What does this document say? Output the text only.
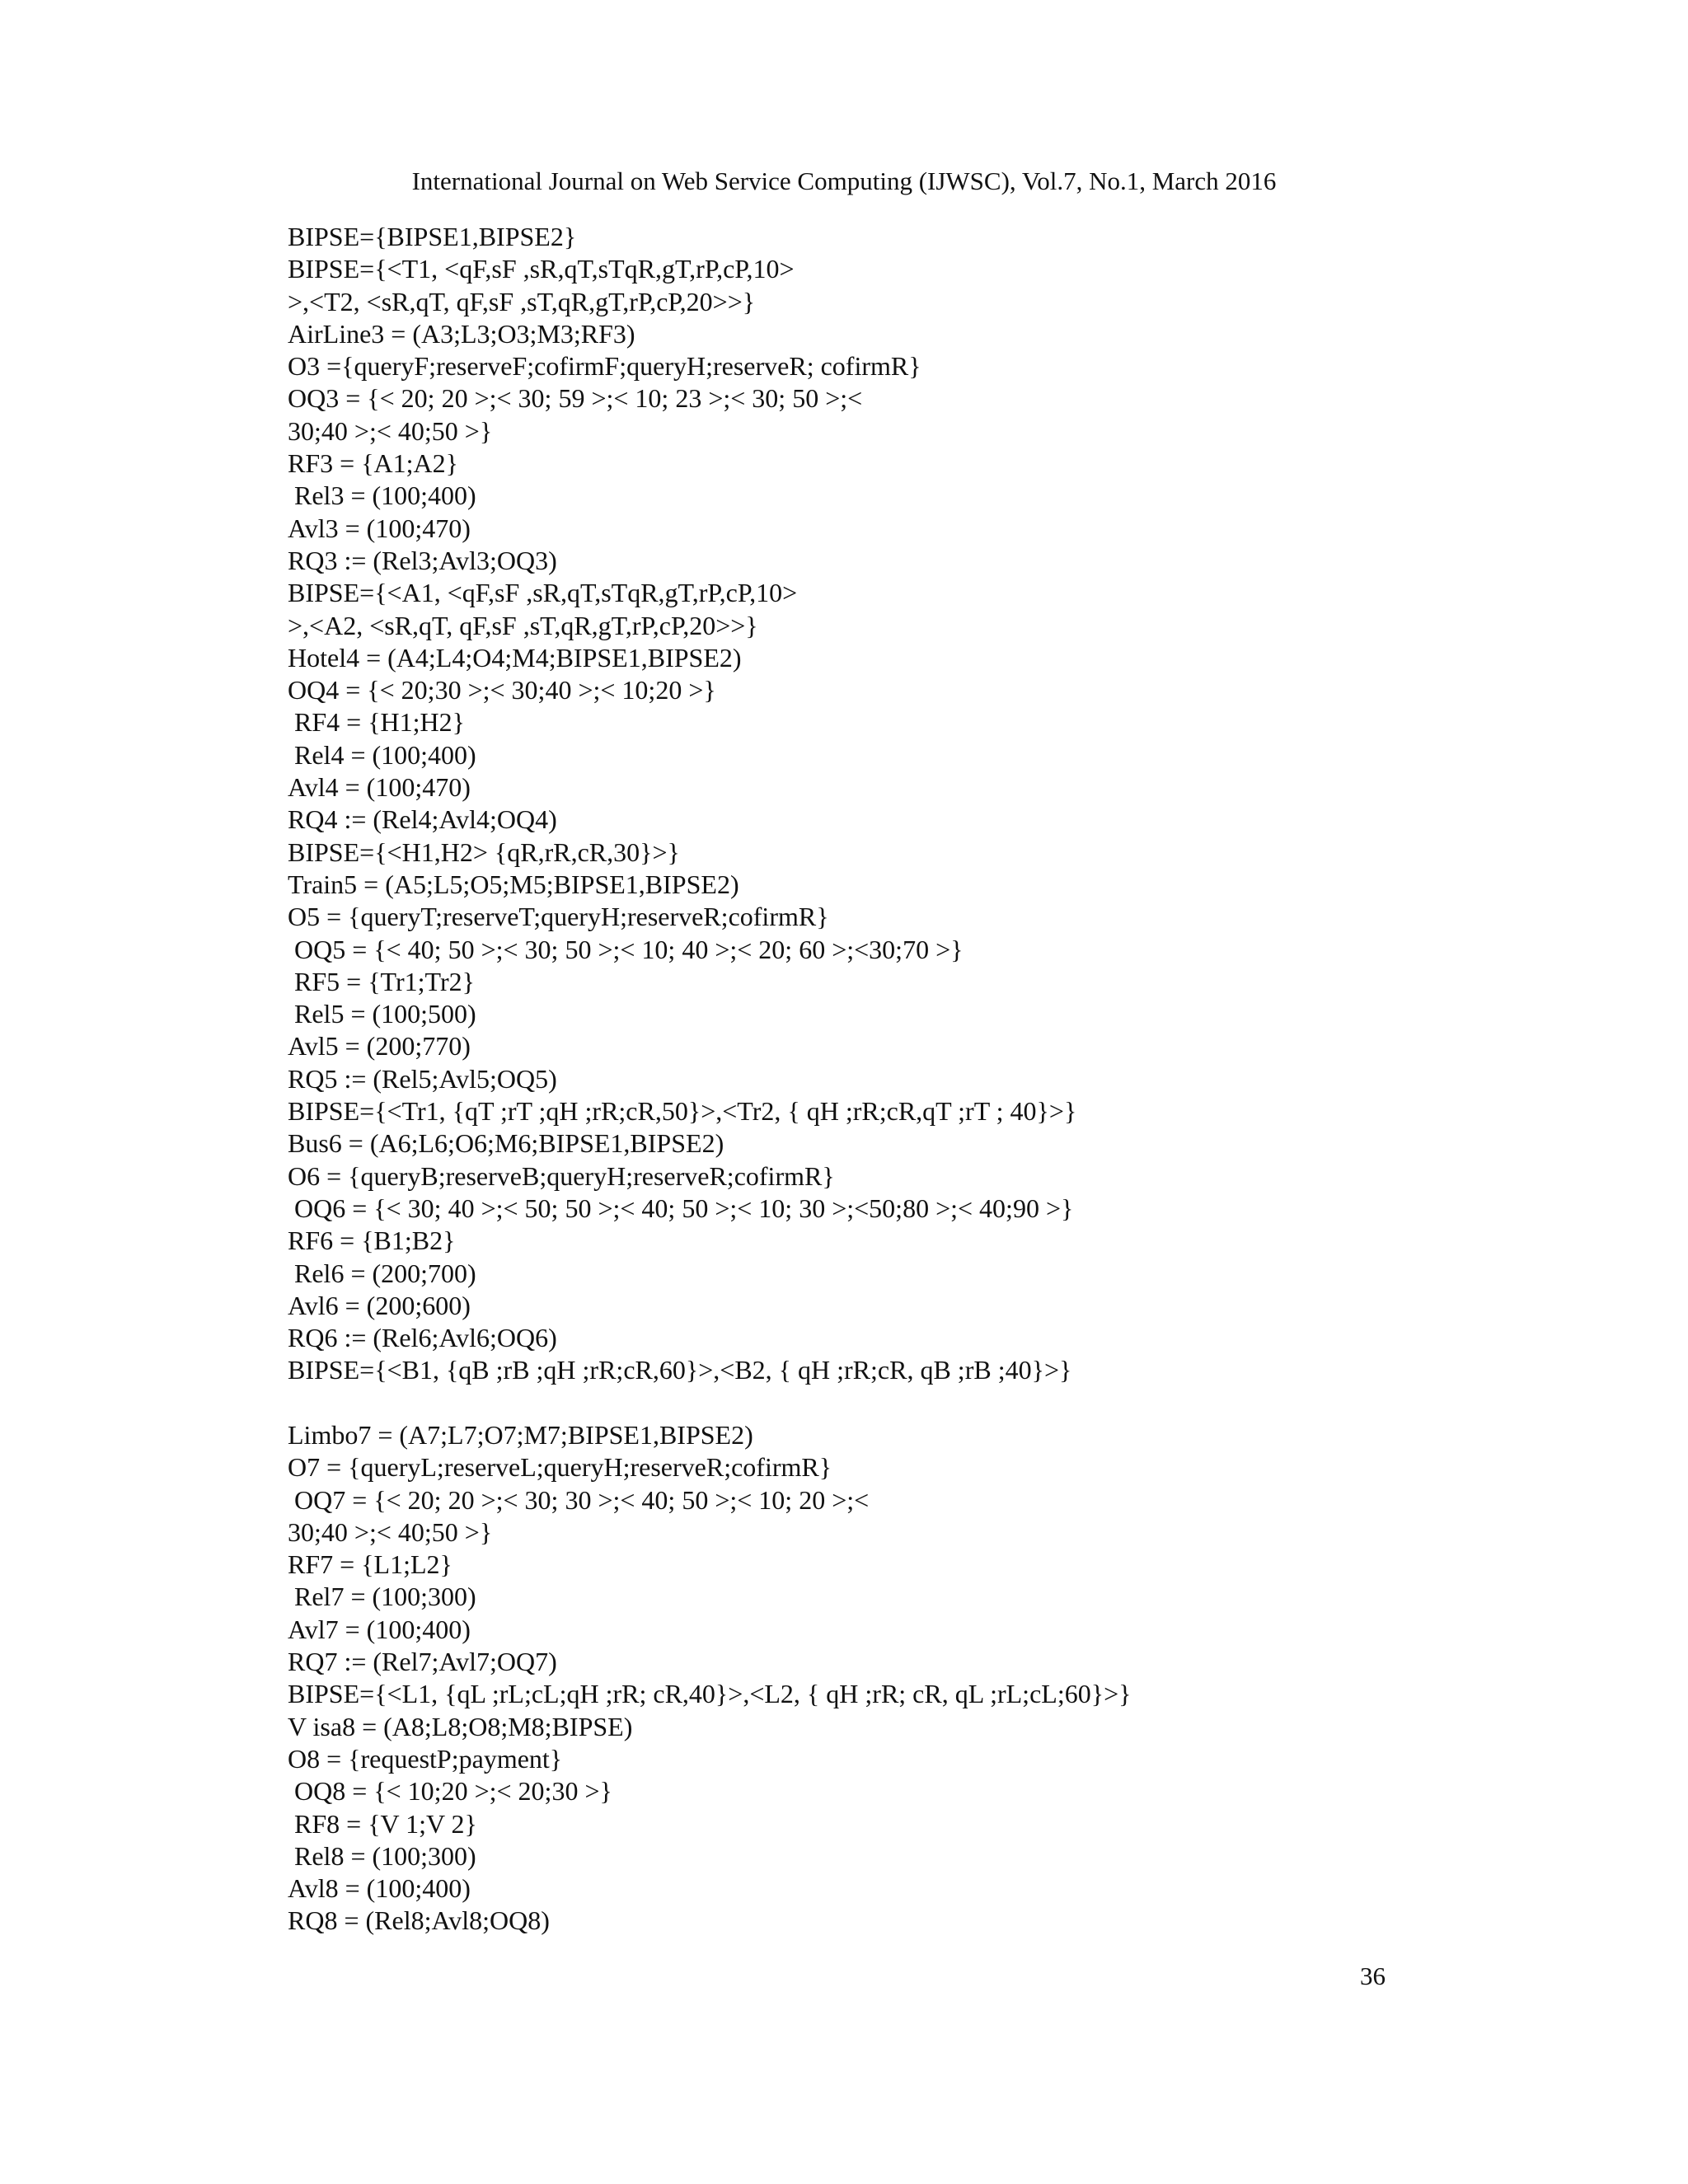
International Journal on Web Service Computing (IJWSC), Vol.7, No.1, March 2016
BIPSE={BIPSE1,BIPSE2}
BIPSE={<T1, <qF,sF ,sR,qT,sTqR,gT,rP,cP,10>
>,<T2, <sR,qT, qF,sF ,sT,qR,gT,rP,cP,20>>}
AirLine3 = (A3;L3;O3;M3;RF3)
O3 ={queryF;reserveF;cofirmF;queryH;reserveR; cofirmR}
OQ3 = {< 20; 20 >;< 30; 59 >;< 10; 23 >;< 30; 50 >;<
30;40 >;< 40;50 >}
RF3 = {A1;A2}
Rel3 = (100;400)
Avl3 = (100;470)
RQ3 := (Rel3;Avl3;OQ3)
BIPSE={<A1, <qF,sF ,sR,qT,sTqR,gT,rP,cP,10>
>,<A2, <sR,qT, qF,sF ,sT,qR,gT,rP,cP,20>>}
Hotel4 = (A4;L4;O4;M4;BIPSE1,BIPSE2)
OQ4 = {< 20;30 >;< 30;40 >;< 10;20 >}
RF4 = {H1;H2}
Rel4 = (100;400)
Avl4 = (100;470)
RQ4 := (Rel4;Avl4;OQ4)
BIPSE={<H1,H2> {qR,rR,cR,30}>}
Train5 = (A5;L5;O5;M5;BIPSE1,BIPSE2)
O5 = {queryT;reserveT;queryH;reserveR;cofirmR}
OQ5 = {< 40; 50 >;< 30; 50 >;< 10; 40 >;< 20; 60 >;<30;70 >}
RF5 = {Tr1;Tr2}
Rel5 = (100;500)
Avl5 = (200;770)
RQ5 := (Rel5;Avl5;OQ5)
BIPSE={<Tr1, {qT ;rT ;qH ;rR;cR,50}>,<Tr2, { qH ;rR;cR,qT ;rT ; 40}>}
Bus6 = (A6;L6;O6;M6;BIPSE1,BIPSE2)
O6 = {queryB;reserveB;queryH;reserveR;cofirmR}
OQ6 = {< 30; 40 >;< 50; 50 >;< 40; 50 >;< 10; 30 >;<50;80 >;< 40;90 >}
RF6 = {B1;B2}
Rel6 = (200;700)
Avl6 = (200;600)
RQ6 := (Rel6;Avl6;OQ6)
BIPSE={<B1, {qB ;rB ;qH ;rR;cR,60}>,<B2, { qH ;rR;cR, qB ;rB ;40}>}
Limbo7 = (A7;L7;O7;M7;BIPSE1,BIPSE2)
O7 = {queryL;reserveL;queryH;reserveR;cofirmR}
OQ7 = {< 20; 20 >;< 30; 30 >;< 40; 50 >;< 10; 20 >;<
30;40 >;< 40;50 >}
RF7 = {L1;L2}
Rel7 = (100;300)
Avl7 = (100;400)
RQ7 := (Rel7;Avl7;OQ7)
BIPSE={<L1, {qL ;rL;cL;qH ;rR; cR,40}>,<L2, { qH ;rR; cR, qL ;rL;cL;60}>}
V isa8 = (A8;L8;O8;M8;BIPSE)
O8 = {requestP;payment}
OQ8 = {< 10;20 >;< 20;30 >}
RF8 = {V 1;V 2}
Rel8 = (100;300)
Avl8 = (100;400)
RQ8 = (Rel8;Avl8;OQ8)
36
